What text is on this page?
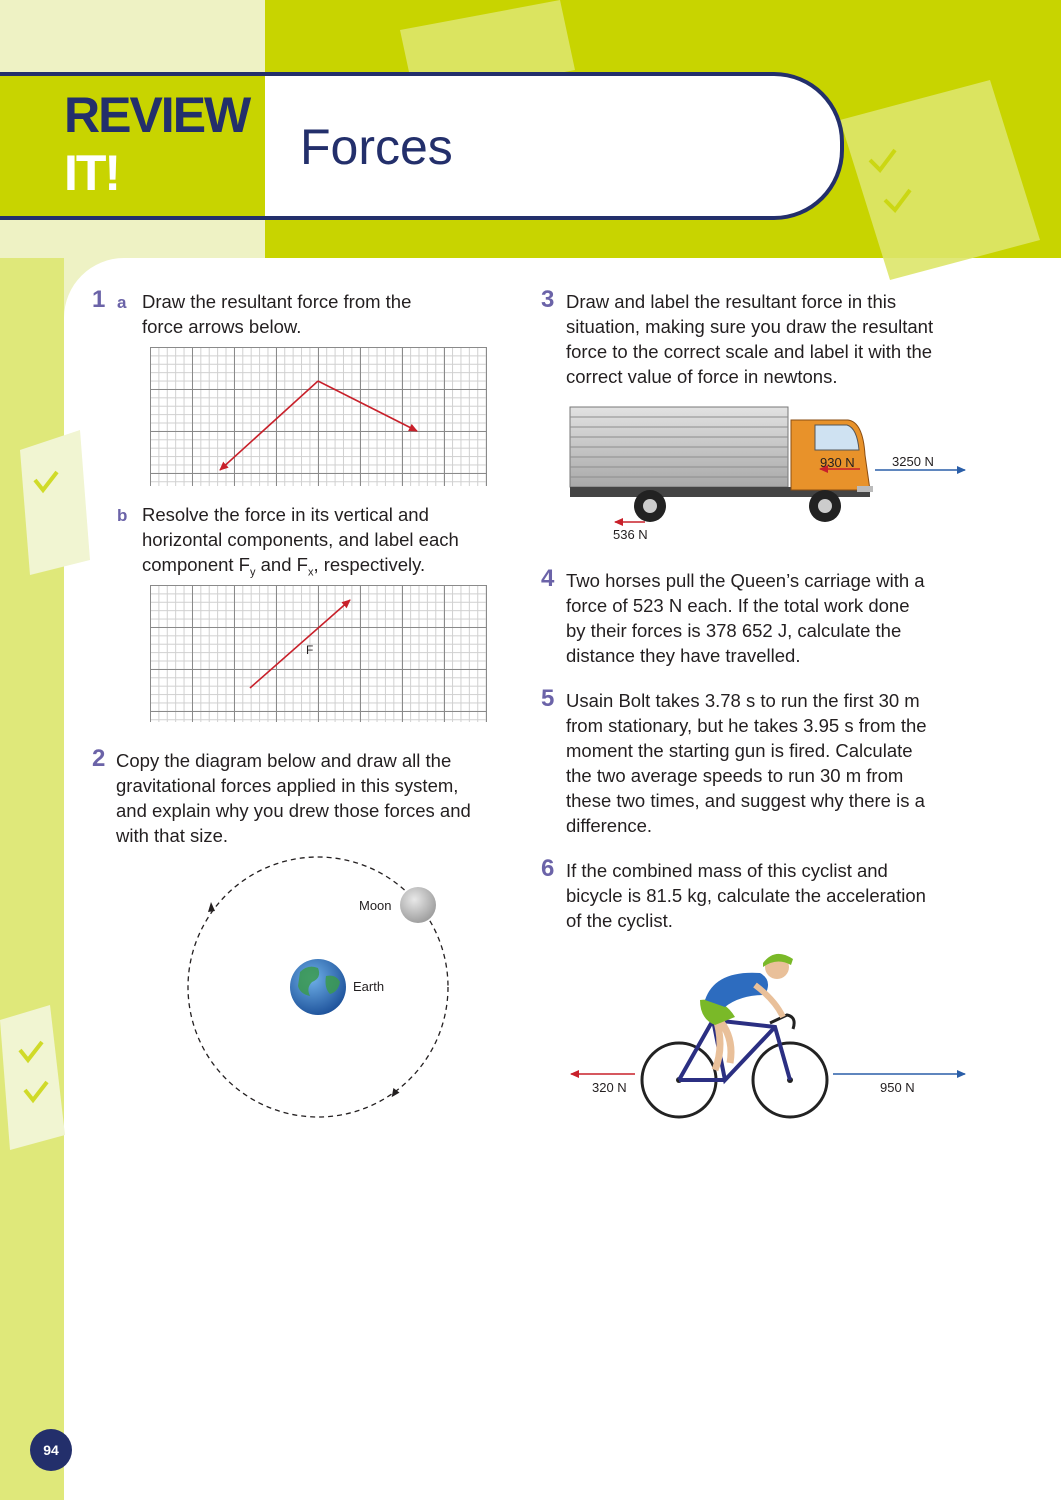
REVIEW
IT!	Forces
1 a Draw the resultant force from the
force arrows below.
b Resolve the force in its vertical and
horizontal components, and label each
component $F_y$ and $F_x$, respectively.
F
2 Copy the diagram below and draw all the
gravitational forces applied in this system,
and explain why you drew those forces and
with that size.
Moon
Earth
3 Draw and label the resultant force in this
situation, making sure you draw the resultant
force to the correct scale and label it with the
correct value of force in newtons.
930 N	3250 N
536 N
4 Two horses pull the Queen’s carriage with a
force of 523 N each. If the total work done
by their forces is 378 652 J, calculate the
distance they have travelled.
5 Usain Bolt takes 3.78 s to run the first 30 m
from stationary, but he takes 3.95 s from the
moment the starting gun is fired. Calculate
the two average speeds to run 30 m from
these two times, and suggest why there is a
difference.
6 If the combined mass of this cyclist and
bicycle is 81.5 kg, calculate the acceleration
of the cyclist.
320 N	950 N
94
